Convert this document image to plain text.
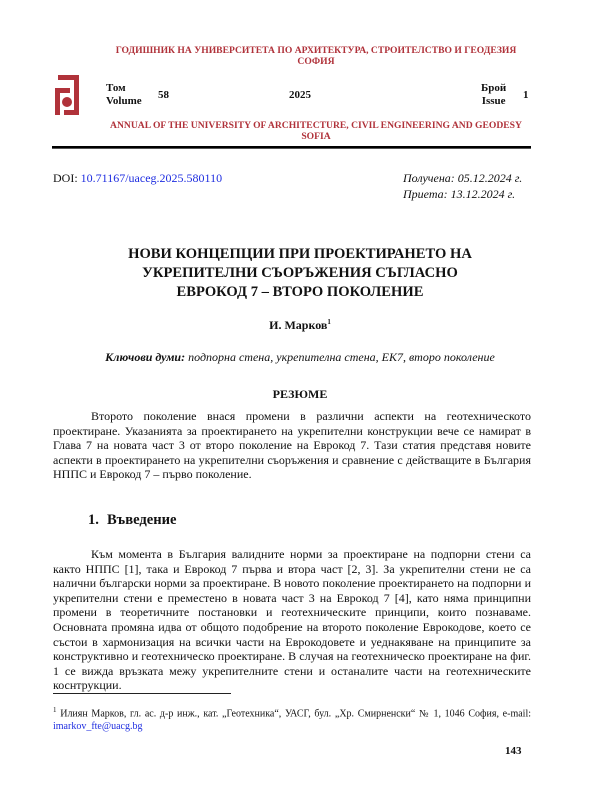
ГОДИШНИК НА УНИВЕРСИТЕТА ПО АРХИТЕКТУРА, СТРОИТЕЛСТВО И ГЕОДЕЗИЯ
СОФИЯ
Том
Volume 58	2025
Брой
Issue 1
ANNUAL OF THE UNIVERSITY OF ARCHITECTURE, CIVIL ENGINEERING AND GEODESY
SOFIA
DOI: 10.71167/uaceg.2025.580110	Получена: 05.12.2024 г.
Приета: 13.12.2024 г.
НОВИ КОНЦЕПЦИИ ПРИ ПРОЕКТИРАНЕТО НА
УКРЕПИТЕЛНИ СЪОРЪЖЕНИЯ СЪГЛАСНО
ЕВРОКОД 7 – ВТОРО ПОКОЛЕНИЕ
И. Марков$^1$
Ключови думи: подпорна стена, укрепителна стена, ЕК7, второ поколение
РЕЗЮМЕ

Второто поколение внася промени в различни аспекти на геотехническото проектиране. Указанията за проектирането на укрепителни конструкции вече се намират в Глава 7 на новата част 3 от второ поколение на Еврокод 7. Тази статия представя новите аспекти в проектирането на укрепителни съоръжения и сравнение с действащите в България НППС и Еврокод 7 – първо поколение.

1. Въведение

Към момента в България валидните норми за проектиране на подпорни стени са както НППС [1], така и Еврокод 7 първа и втора част [2, 3]. За укрепителни стени не са налични български норми за проектиране. В новото поколение проектирането на подпорни и укрепителни стени е преместено в новата част 3 на Еврокод 7 [4], като няма принципни промени в теоретичните постановки и геотехническите принципи, които познаваме. Основната промяна идва от общото подобрение на второто поколение Еврокодове, което се състои в хармонизация на всички части на Еврокодовете и уеднакяване на принципите за конструктивно и геотехническо проектиране. В случая на геотехническо проектиране на фиг. 1 се вижда връзката межу укрепителните стени и останалите части на геотехническите коснтрукции.

$^1$ Илиян Марков, гл. ас. д-р инж., кат. „Геотехника“, УАСГ, бул. „Хр. Смирненски“ № 1, 1046 София, e-mail: imarkov_fte@uacg.bg
143
